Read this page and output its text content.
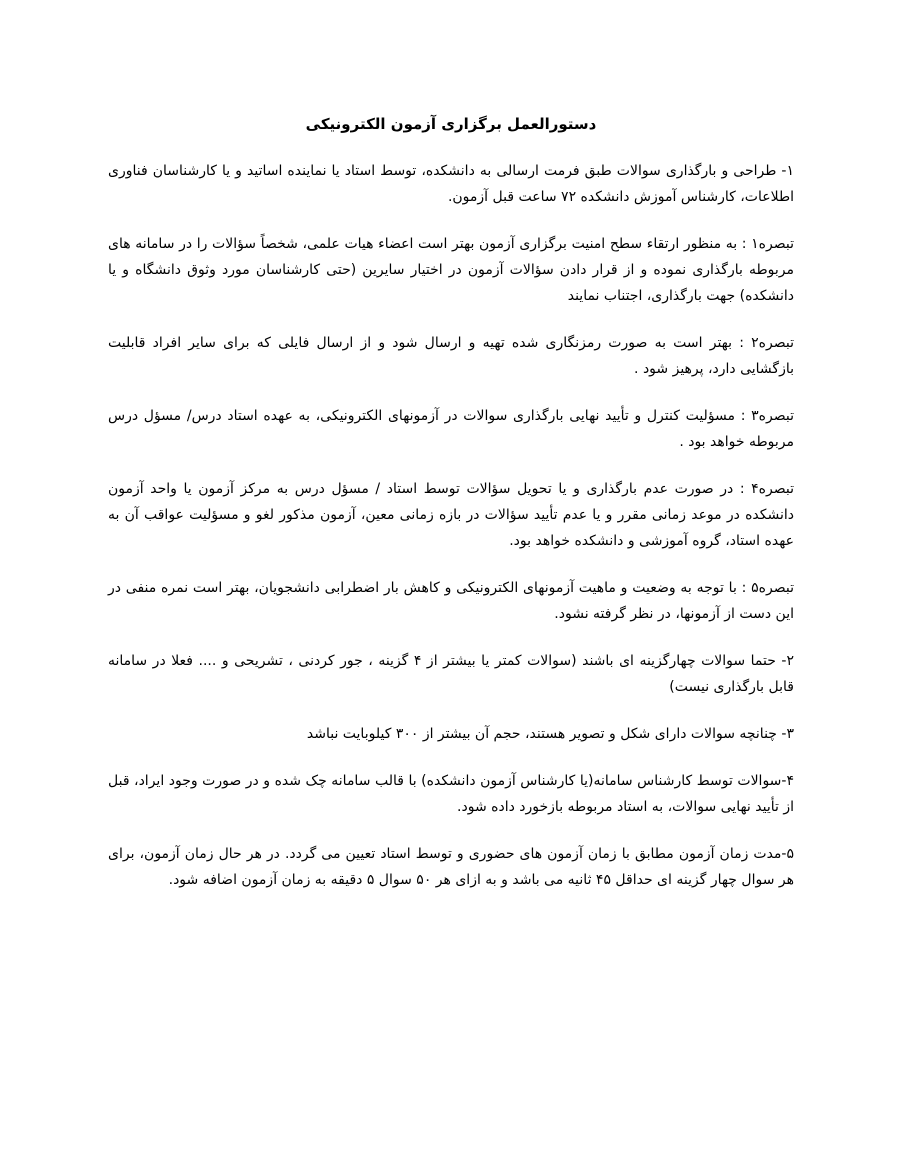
دستورالعمل برگزاری آزمون الکترونیکی

۱- طراحی و بارگذاری سوالات طبق فرمت ارسالی به دانشکده، توسط استاد یا نماینده اساتید و یا کارشناسان فناوری اطلاعات، کارشناس آموزش دانشکده ۷۲ ساعت قبل آزمون.

تبصره۱ : به منظور ارتقاء سطح امنیت برگزاری آزمون بهتر است اعضاء هیات علمی، شخصاً سؤالات را در سامانه های مربوطه بارگذاری نموده و از قرار دادن سؤالات آزمون در اختیار سایرین (حتی کارشناسان مورد وثوق دانشگاه و یا دانشکده) جهت بارگذاری، اجتناب نمایند

تبصره۲ : بهتر است به صورت رمزنگاری شده تهیه و ارسال شود و از ارسال فایلی که برای سایر افراد قابلیت بازگشایی دارد، پرهیز شود .

تبصره۳ : مسؤلیت کنترل و تأیید نهایی بارگذاری سوالات در آزمونهای الکترونیکی، به عهده استاد درس/ مسؤل درس مربوطه خواهد بود .

تبصره۴ : در صورت عدم بارگذاری و یا تحویل سؤالات توسط استاد / مسؤل درس به مرکز آزمون یا واحد آزمون دانشکده در موعد زمانی مقرر و یا عدم تأیید سؤالات در بازه زمانی معین، آزمون مذکور لغو و مسؤلیت عواقب آن به عهده استاد، گروه آموزشی و دانشکده خواهد بود.

تبصره۵ : با توجه به وضعیت و ماهیت آزمونهای الکترونیکی و کاهش بار اضطرابی دانشجویان، بهتر است نمره منفی در این دست از آزمونها، در نظر گرفته نشود.

۲- حتما سوالات چهارگزینه ای باشند (سوالات کمتر یا بیشتر از ۴ گزینه ، جور کردنی ، تشریحی و .... فعلا در سامانه قابل بارگذاری نیست)

۳- چنانچه سوالات دارای شکل و تصویر هستند، حجم آن بیشتر از ۳۰۰ کیلوبایت نباشد

۴-سوالات توسط کارشناس سامانه(یا کارشناس آزمون دانشکده) با قالب سامانه چک شده و در صورت وجود ایراد، قبل از تأیید نهایی سوالات، به استاد مربوطه بازخورد داده شود.

۵-مدت زمان آزمون مطابق با زمان آزمون های حضوری و توسط استاد تعیین می گردد. در هر حال زمان آزمون، برای هر سوال چهار گزینه ای حداقل ۴۵ ثانیه می باشد و به ازای هر ۵۰ سوال ۵ دقیقه به زمان آزمون اضافه شود.
